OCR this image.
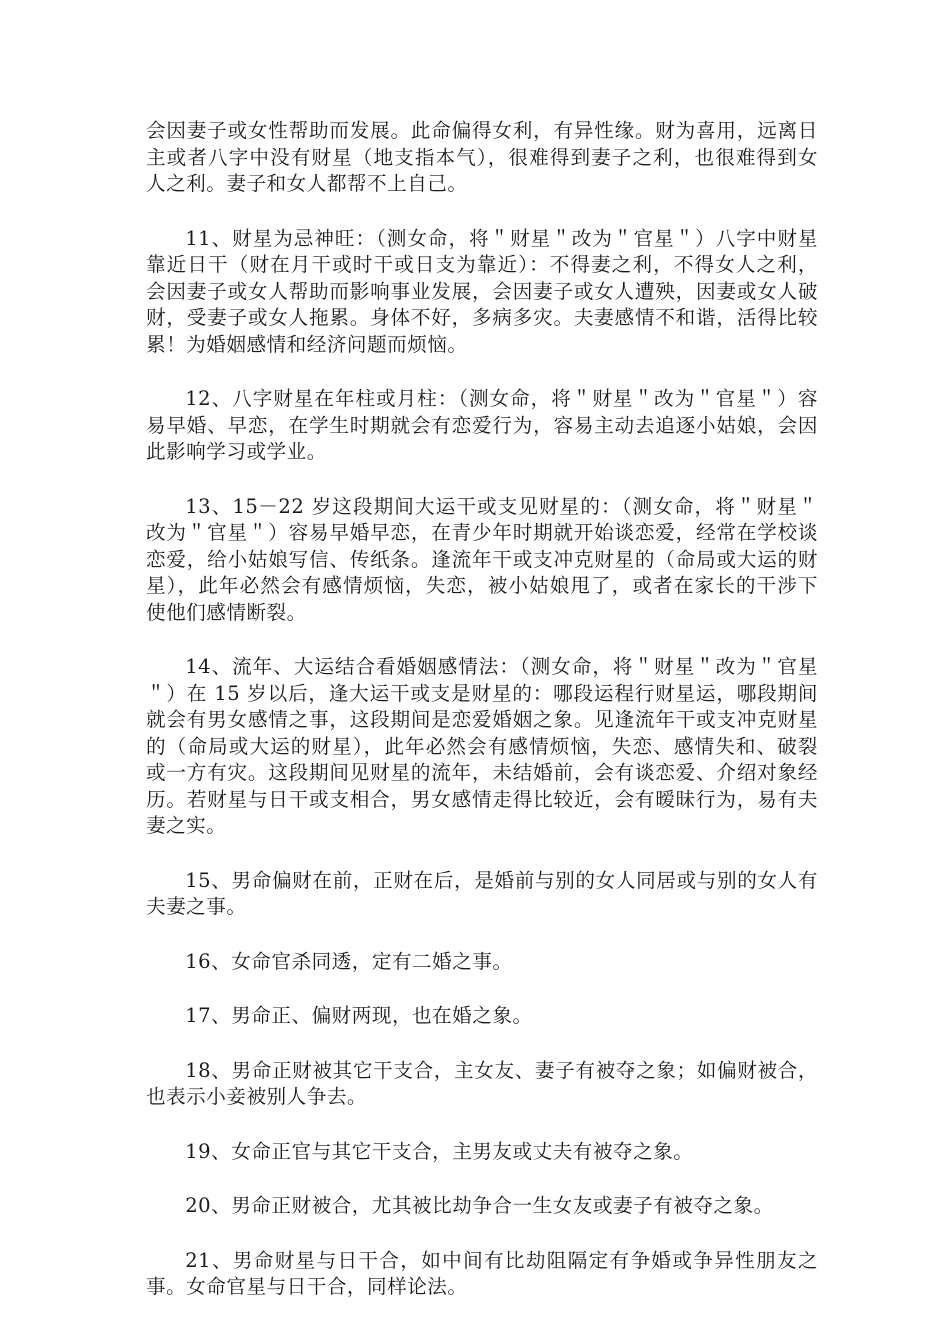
会因妻子或女性帮助而发展。此命偏得女利，有异性缘。财为喜用，远离日主或者八字中没有财星（地支指本气），很难得到妻子之利，也很难得到女人之利。妻子和女人都帮不上自己。

11、财星为忌神旺：（测女命，将＂财星＂改为＂官星＂）八字中财星靠近日干（财在月干或时干或日支为靠近）：不得妻之利，不得女人之利，会因妻子或女人帮助而影响事业发展，会因妻子或女人遭殃，因妻或女人破财，受妻子或女人拖累。身体不好，多病多灾。夫妻感情不和谐，活得比较累！为婚姻感情和经济问题而烦恼。

12、八字财星在年柱或月柱：（测女命，将＂财星＂改为＂官星＂）容易早婚、早恋，在学生时期就会有恋爱行为，容易主动去追逐小姑娘，会因此影响学习或学业。

13、15－22 岁这段期间大运干或支见财星的：（测女命，将＂财星＂改为＂官星＂）容易早婚早恋，在青少年时期就开始谈恋爱，经常在学校谈恋爱，给小姑娘写信、传纸条。逢流年干或支冲克财星的（命局或大运的财星），此年必然会有感情烦恼，失恋，被小姑娘甩了，或者在家长的干涉下使他们感情断裂。

14、流年、大运结合看婚姻感情法：（测女命，将＂财星＂改为＂官星＂）在 15 岁以后，逢大运干或支是财星的：哪段运程行财星运，哪段期间就会有男女感情之事，这段期间是恋爱婚姻之象。见逢流年干或支冲克财星的（命局或大运的财星），此年必然会有感情烦恼，失恋、感情失和、破裂或一方有灾。这段期间见财星的流年，未结婚前，会有谈恋爱、介绍对象经历。若财星与日干或支相合，男女感情走得比较近，会有暧昧行为，易有夫妻之实。

15、男命偏财在前，正财在后，是婚前与别的女人同居或与别的女人有夫妻之事。

16、女命官杀同透，定有二婚之事。

17、男命正、偏财两现，也在婚之象。

18、男命正财被其它干支合，主女友、妻子有被夺之象；如偏财被合，也表示小妾被别人争去。

19、女命正官与其它干支合，主男友或丈夫有被夺之象。

20、男命正财被合，尤其被比劫争合一生女友或妻子有被夺之象。

21、男命财星与日干合，如中间有比劫阻隔定有争婚或争异性朋友之事。女命官星与日干合，同样论法。
